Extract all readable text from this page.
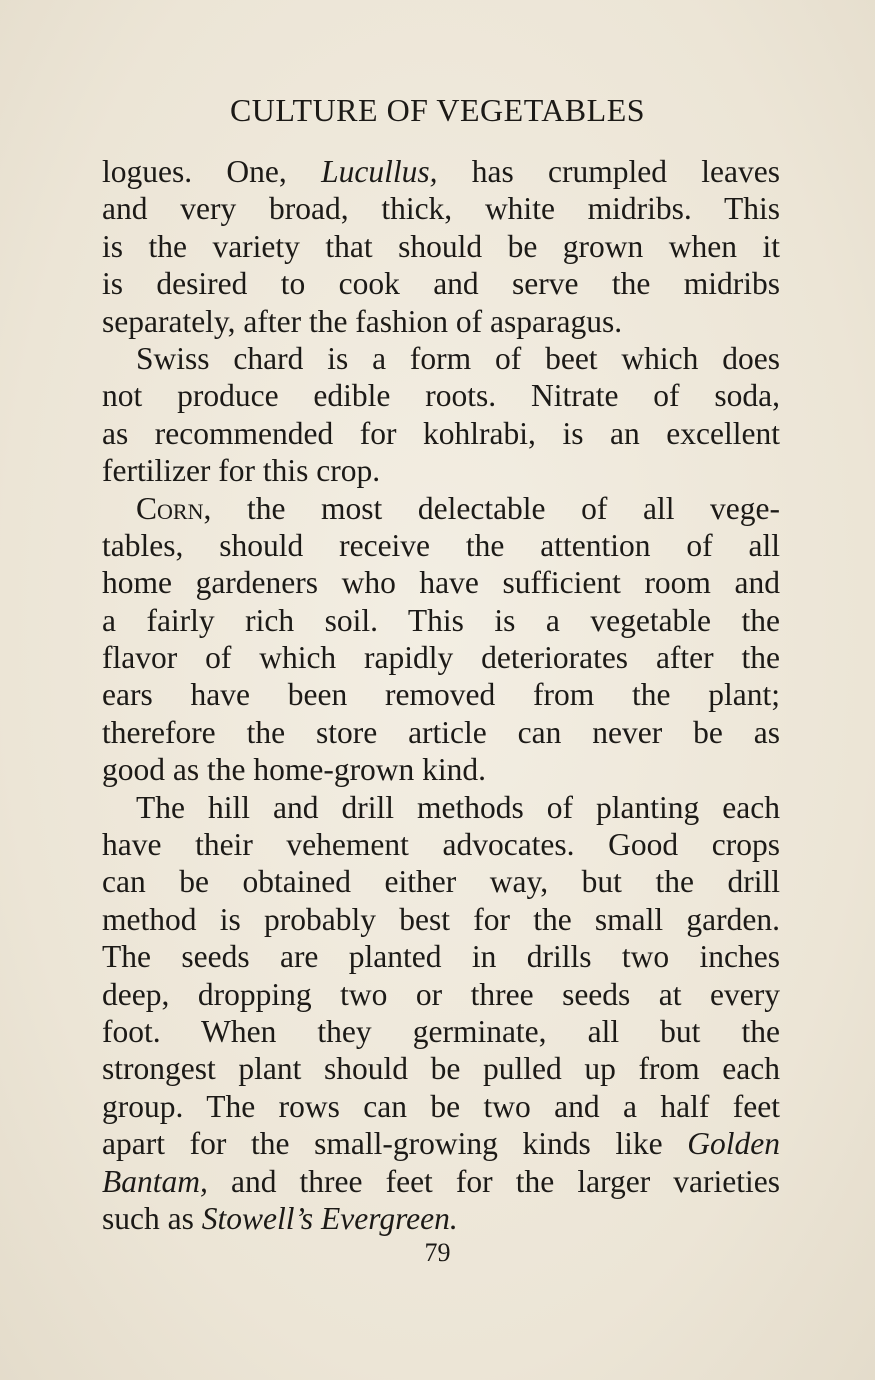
CULTURE OF VEGETABLES
logues. One, Lucullus, has crumpled leaves
and very broad, thick, white midribs. This
is the variety that should be grown when it
is desired to cook and serve the midribs
separately, after the fashion of asparagus.
Swiss chard is a form of beet which does
not produce edible roots. Nitrate of soda,
as recommended for kohlrabi, is an excellent
fertilizer for this crop.
Corn, the most delectable of all vege-
tables, should receive the attention of all
home gardeners who have sufficient room and
a fairly rich soil. This is a vegetable the
flavor of which rapidly deteriorates after the
ears have been removed from the plant;
therefore the store article can never be as
good as the home-grown kind.
The hill and drill methods of planting each
have their vehement advocates. Good crops
can be obtained either way, but the drill
method is probably best for the small garden.
The seeds are planted in drills two inches
deep, dropping two or three seeds at every
foot. When they germinate, all but the
strongest plant should be pulled up from each
group. The rows can be two and a half feet
apart for the small-growing kinds like Golden
Bantam, and three feet for the larger varieties
such as Stowell’s Evergreen.
79
